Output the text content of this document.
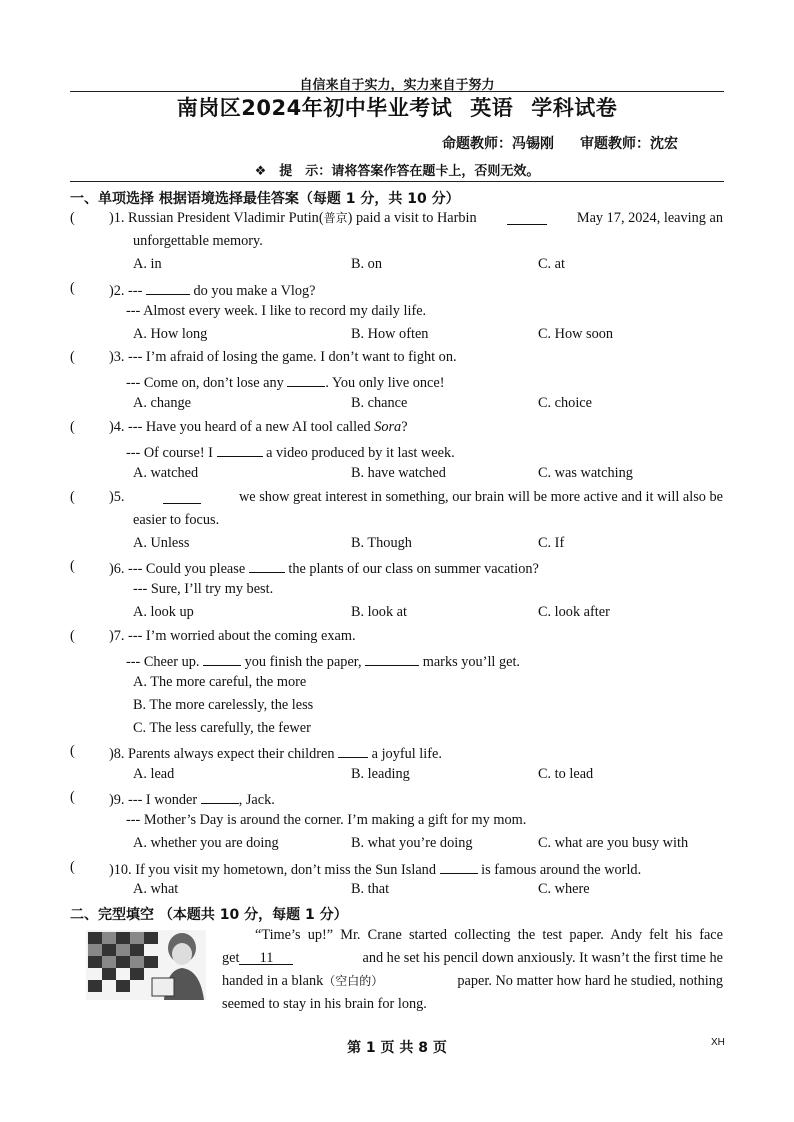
自信来自于实力，实力来自于努力
南岗区2024年初中毕业考试 英语 学科试卷
命题教师：冯锡刚 审题教师：沈宏
❖　提　示：请将答案作答在题卡上，否则无效。
一、单项选择 根据语境选择最佳答案（每题 1 分，共 10 分）
( )1. Russian President Vladimir Putin(普京) paid a visit to Harbin	May 17, 2024, leaving an
unforgettable memory.
A. in	B. on	C. at
( )2. ---	do you make a Vlog?
--- Almost every week. I like to record my daily life.
A. How long	B. How often	C. How soon
( )3. --- I’m afraid of losing the game. I don’t want to fight on.
--- Come on, don’t lose any	. You only live once!
A. change	B. chance	C. choice
( )4. --- Have you heard of a new AI tool called Sora?
--- Of course! I	a video produced by it last week.
A. watched	B. have watched	C. was watching
( )5.	we show great interest in something, our brain will be more active and it will also be
easier to focus.
A. Unless	B. Though	C. If
( )6. --- Could you please	the plants of our class on summer vacation?
--- Sure, I’ll try my best.
A. look up	B. look at	C. look after
( )7. --- I’m worried about the coming exam.
--- Cheer up.	you finish the paper,	marks you’ll get.
A. The more careful, the more
B. The more carelessly, the less
C. The less carefully, the fewer
( )8. Parents always expect their children	a joyful life.
A. lead	B. leading	C. to lead
( )9. --- I wonder	, Jack.
--- Mother’s Day is around the corner. I’m making a gift for my mom.
A. whether you are doing	B. what you’re doing	C. what are you busy with
( )10. If you visit my hometown, don’t miss the Sun Island	is famous around the world.
A. what	B. that	C. where
二、完型填空 （本题共 10 分，每题 1 分）
“Time’s up!” Mr. Crane started collecting the test paper. Andy felt his face
get 11	and he set his pencil down anxiously. It wasn’t the first time he
handed in a blank（空白的）	paper. No matter how hard he studied, nothing
seemed to stay in his brain for long.
第 1 页 共 8 页	XH
